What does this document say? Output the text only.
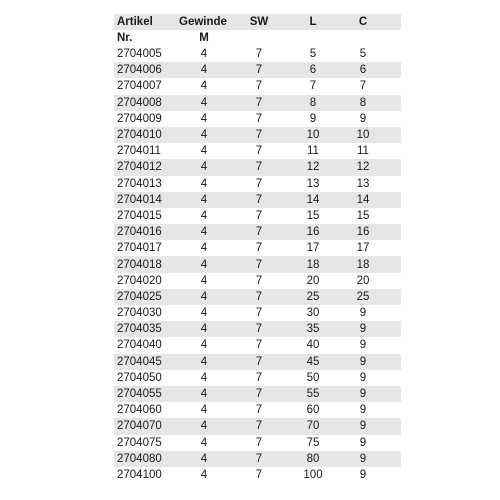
Artikel	Gewinde	SW	L	C
Nr.	M
2704005	4	7	5	5
2704006	4	7	6	6
2704007	4	7	7	7
2704008	4	7	8	8
2704009	4	7	9	9
2704010	4	7	10	10
2704011	4	7	11	11
2704012	4	7	12	12
2704013	4	7	13	13
2704014	4	7	14	14
2704015	4	7	15	15
2704016	4	7	16	16
2704017	4	7	17	17
2704018	4	7	18	18
2704020	4	7	20	20
2704025	4	7	25	25
2704030	4	7	30	9
2704035	4	7	35	9
2704040	4	7	40	9
2704045	4	7	45	9
2704050	4	7	50	9
2704055	4	7	55	9
2704060	4	7	60	9
2704070	4	7	70	9
2704075	4	7	75	9
2704080	4	7	80	9
2704100	4	7	100	9
